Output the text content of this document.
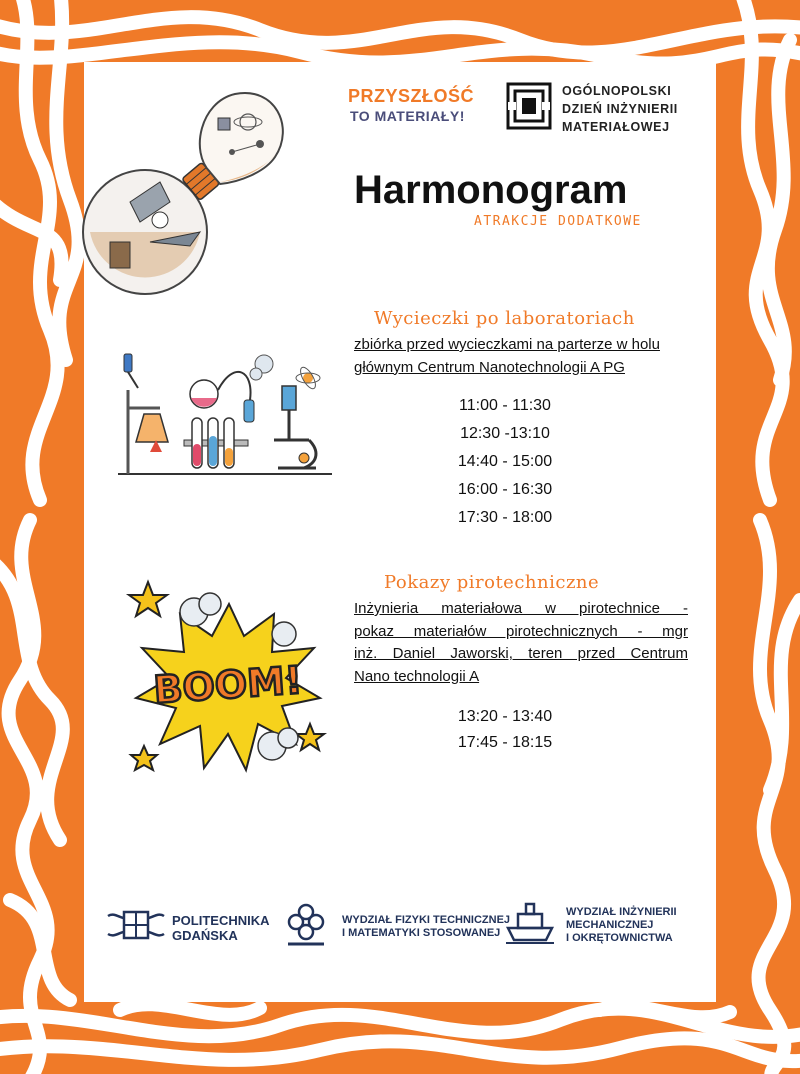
PRZYSZŁOŚĆ
TO MATERIAŁY!
OGÓLNOPOLSKI
DZIEŃ INŻYNIERII
MATERIAŁOWEJ
Harmonogram
ATRAKCJE DODATKOWE
Wycieczki po laboratoriach
zbiórka przed wycieczkami na parterze w holu
głównym Centrum Nanotechnologii A PG
11:00 - 11:30
12:30 -13:10
14:40 - 15:00
16:00 - 16:30
17:30 - 18:00
BOOM!
Pokazy pirotechniczne
Inżynieria materiałowa w pirotechnice -
pokaz materiałów pirotechnicznych - mgr
inż. Daniel Jaworski, teren przed Centrum
Nano technologii A
13:20 - 13:40
17:45 - 18:15
POLITECHNIKA
GDAŃSKA
WYDZIAŁ FIZYKI TECHNICZNEJ
I MATEMATYKI STOSOWANEJ
WYDZIAŁ INŻYNIERII
MECHANICZNEJ
I OKRĘTOWNICTWA
